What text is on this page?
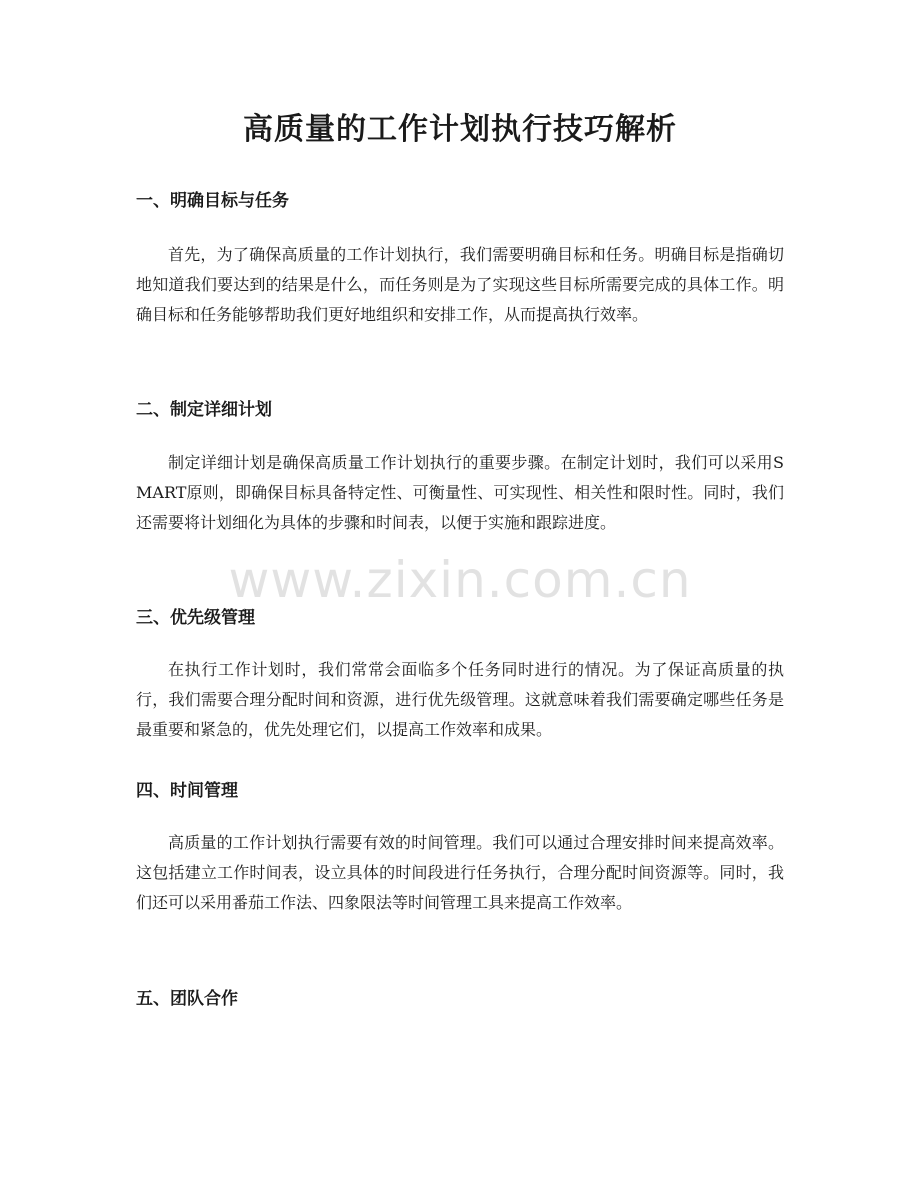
高质量的工作计划执行技巧解析
一、明确目标与任务

首先，为了确保高质量的工作计划执行，我们需要明确目标和任务。明确目标是指确切地知道我们要达到的结果是什么，而任务则是为了实现这些目标所需要完成的具体工作。明确目标和任务能够帮助我们更好地组织和安排工作，从而提高执行效率。

二、制定详细计划

制定详细计划是确保高质量工作计划执行的重要步骤。在制定计划时，我们可以采用SMART原则，即确保目标具备特定性、可衡量性、可实现性、相关性和限时性。同时，我们还需要将计划细化为具体的步骤和时间表，以便于实施和跟踪进度。

三、优先级管理

在执行工作计划时，我们常常会面临多个任务同时进行的情况。为了保证高质量的执行，我们需要合理分配时间和资源，进行优先级管理。这就意味着我们需要确定哪些任务是最重要和紧急的，优先处理它们，以提高工作效率和成果。

四、时间管理

高质量的工作计划执行需要有效的时间管理。我们可以通过合理安排时间来提高效率。这包括建立工作时间表，设立具体的时间段进行任务执行，合理分配时间资源等。同时，我们还可以采用番茄工作法、四象限法等时间管理工具来提高工作效率。

五、团队合作
www.zixin.com.cn
